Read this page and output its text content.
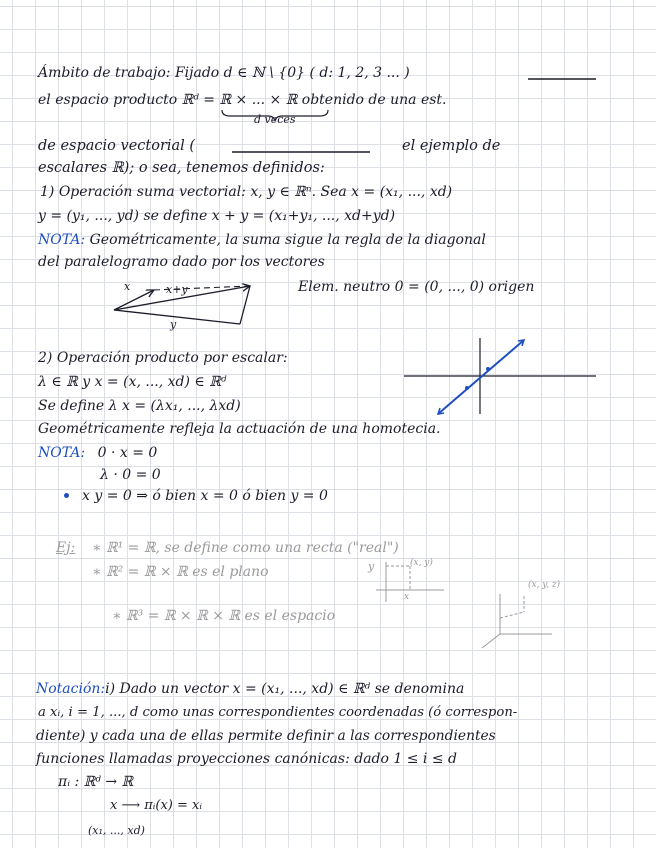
Ámbito de trabajo: Fijado d ∈ ℕ \ {0} ( d: 1, 2, 3 ... )
el espacio producto ℝᵈ = ℝ × ... × ℝ obtenido de una est.
d veces
de espacio vectorial (	el ejemplo de
escalares ℝ); o sea, tenemos definidos:
1) Operación suma vectorial: x, y ∈ ℝⁿ. Sea x = (x₁, ..., xd)
y = (y₁, ..., yd) se define x + y = (x₁+y₁, ..., xd+yd)
NOTA: Geométricamente, la suma sigue la regla de la diagonal
del paralelogramo dado por los vectores
x	x+y
y
Elem. neutro 0 = (0, ..., 0) origen
2) Operación producto por escalar:
λ ∈ ℝ y x = (x, ..., xd) ∈ ℝᵈ
Se define λ x = (λx₁, ..., λxd)
Geométricamente refleja la actuación de una homotecia.
NOTA: 0 · x = 0
λ · 0 = 0
x y = 0 ⇒ ó bien x = 0 ó bien y = 0
Ej: ∗ ℝ¹ = ℝ, se define como una recta ("real")
∗ ℝ² = ℝ × ℝ es el plano	y
x
(x, y)
∗ ℝ³ = ℝ × ℝ × ℝ es el espacio
(x, y, z)
Notación:i) Dado un vector x = (x₁, ..., xd) ∈ ℝᵈ se denomina
a xᵢ, i = 1, ..., d como unas correspondientes coordenadas (ó correspon-
diente) y cada una de ellas permite definir a las correspondientes
funciones llamadas proyecciones canónicas: dado 1 ≤ i ≤ d
πᵢ : ℝᵈ → ℝ
x ⟶ πᵢ(x) = xᵢ
(x₁, ..., xd)
